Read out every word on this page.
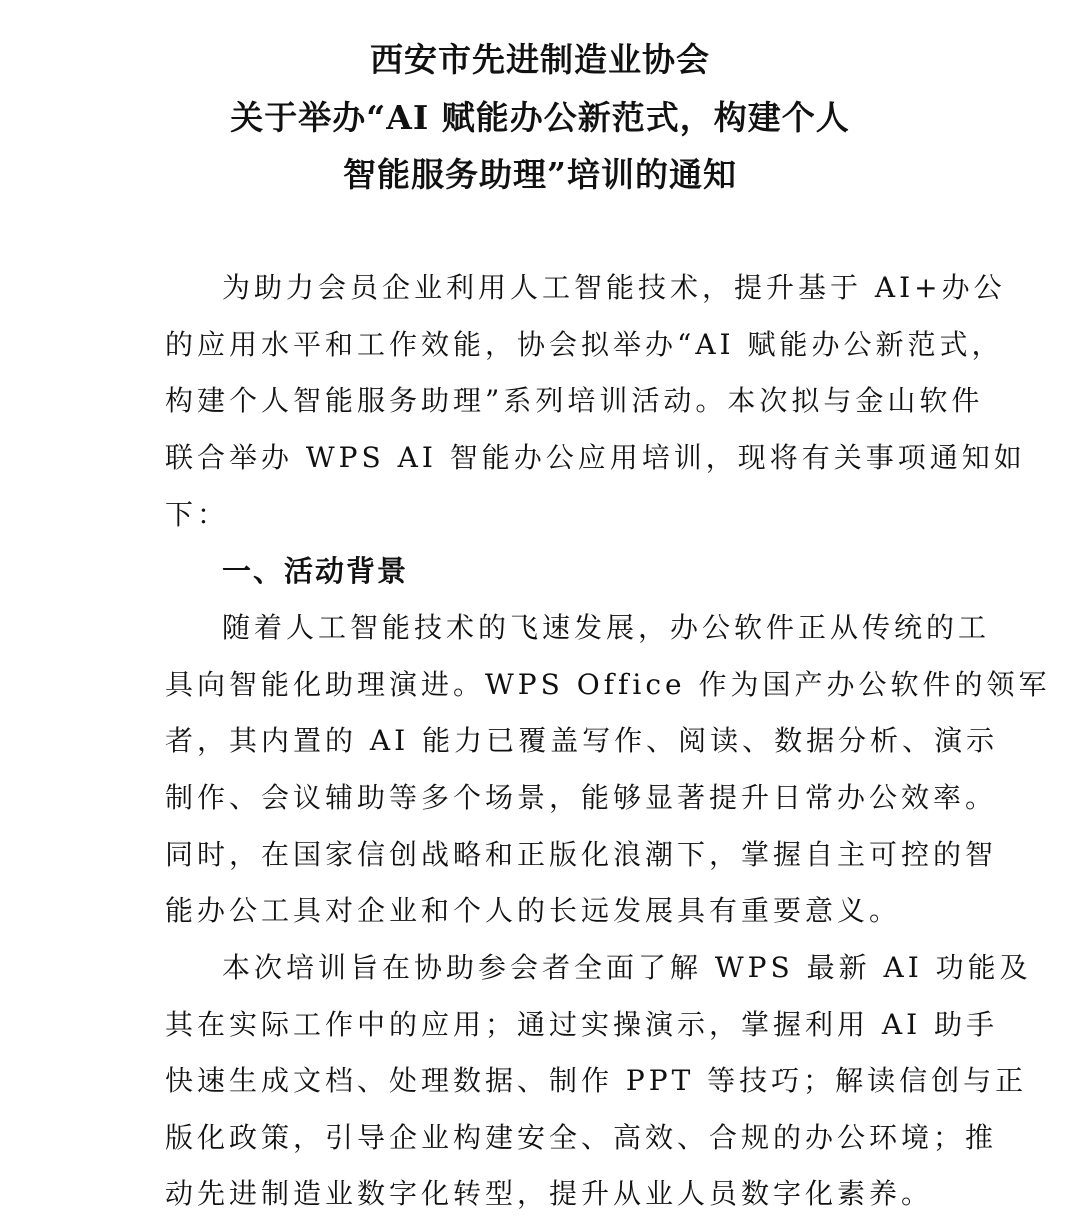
西安市先进制造业协会
关于举办“AI 赋能办公新范式，构建个人
智能服务助理”培训的通知
为助力会员企业利用人工智能技术，提升基于 AI+办公
的应用水平和工作效能，协会拟举办“AI 赋能办公新范式，
构建个人智能服务助理”系列培训活动。本次拟与金山软件
联合举办 WPS AI 智能办公应用培训，现将有关事项通知如
下：
一、活动背景
随着人工智能技术的飞速发展，办公软件正从传统的工
具向智能化助理演进。WPS Office 作为国产办公软件的领军
者，其内置的 AI 能力已覆盖写作、阅读、数据分析、演示
制作、会议辅助等多个场景，能够显著提升日常办公效率。
同时，在国家信创战略和正版化浪潮下，掌握自主可控的智
能办公工具对企业和个人的长远发展具有重要意义。
本次培训旨在协助参会者全面了解 WPS 最新 AI 功能及
其在实际工作中的应用；通过实操演示，掌握利用 AI 助手
快速生成文档、处理数据、制作 PPT 等技巧；解读信创与正
版化政策，引导企业构建安全、高效、合规的办公环境；推
动先进制造业数字化转型，提升从业人员数字化素养。
